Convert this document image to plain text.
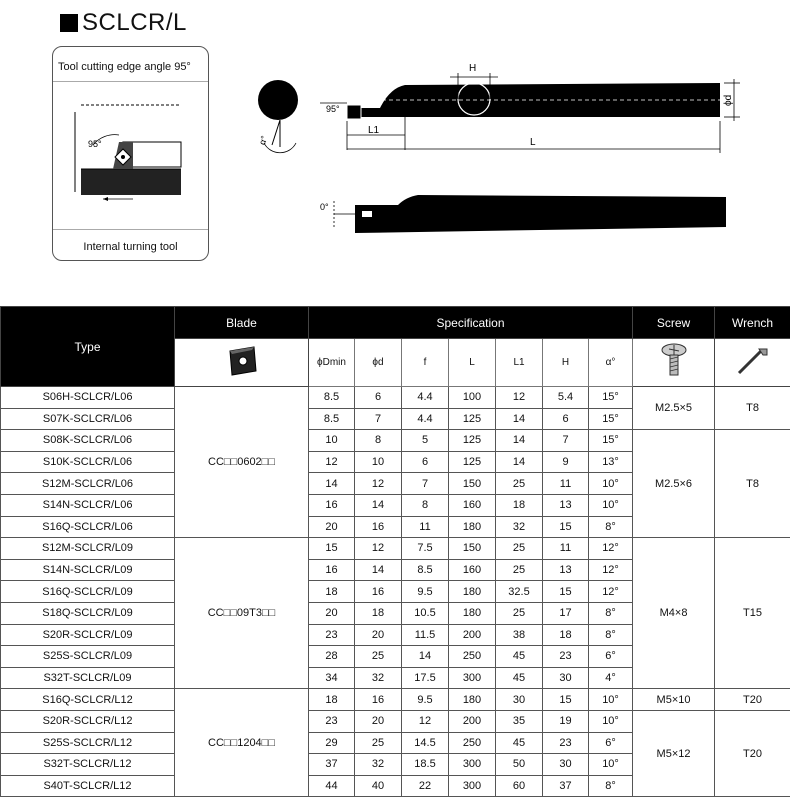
SCLCR/L
Tool cutting edge angle 95°
95°
Internal turning tool
α°
H
ϕd
95°
L1
L
0°
Type	Blade	Specification							Screw	Wrench
	ϕDmin	ϕd	f	L	L1	H	α°		
S06H-SCLCR/L06	CC□□0602□□	8.5	6	4.4	100	12	5.4	15°	M2.5×5	T8
S07K-SCLCR/L06		8.5	7	4.4	125	14	6	15°		
S08K-SCLCR/L06		10	8	5	125	14	7	15°	M2.5×6	T8
S10K-SCLCR/L06		12	10	6	125	14	9	13°		
S12M-SCLCR/L06		14	12	7	150	25	11	10°		
S14N-SCLCR/L06		16	14	8	160	18	13	10°		
S16Q-SCLCR/L06		20	16	11	180	32	15	8°		
S12M-SCLCR/L09	CC□□09T3□□	15	12	7.5	150	25	11	12°	M4×8	T15
S14N-SCLCR/L09		16	14	8.5	160	25	13	12°		
S16Q-SCLCR/L09		18	16	9.5	180	32.5	15	12°		
S18Q-SCLCR/L09		20	18	10.5	180	25	17	8°		
S20R-SCLCR/L09		23	20	11.5	200	38	18	8°		
S25S-SCLCR/L09		28	25	14	250	45	23	6°		
S32T-SCLCR/L09		34	32	17.5	300	45	30	4°		
S16Q-SCLCR/L12	CC□□1204□□	18	16	9.5	180	30	15	10°	M5×10	T20
S20R-SCLCR/L12		23	20	12	200	35	19	10°	M5×12	T20
S25S-SCLCR/L12		29	25	14.5	250	45	23	6°		
S32T-SCLCR/L12		37	32	18.5	300	50	30	10°		
S40T-SCLCR/L12		44	40	22	300	60	37	8°		
